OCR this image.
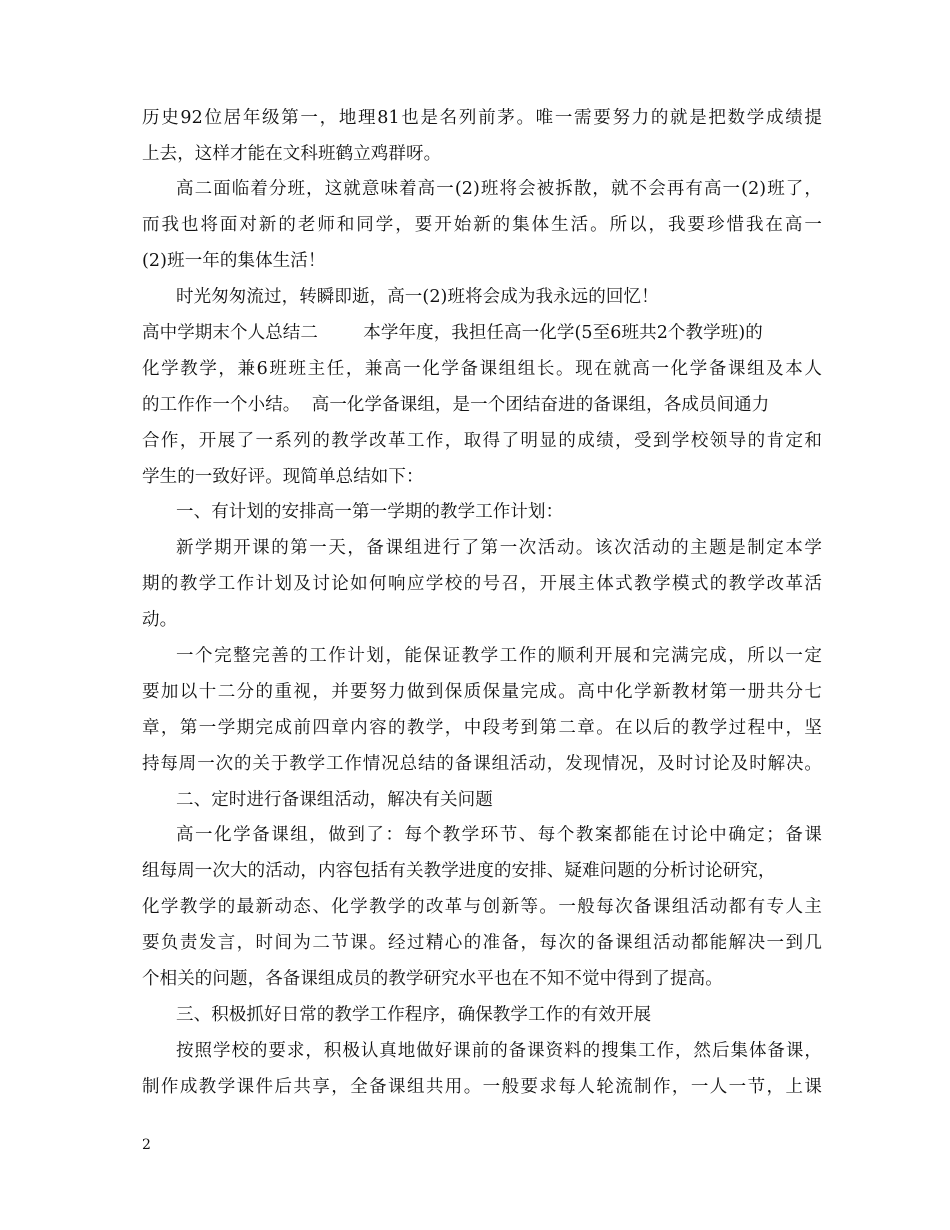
历史92位居年级第一，地理81也是名列前茅。唯一需要努力的就是把数学成绩提
上去，这样才能在文科班鹤立鸡群呀。
高二面临着分班，这就意味着高一(2)班将会被拆散，就不会再有高一(2)班了，
而我也将面对新的老师和同学，要开始新的集体生活。所以，我要珍惜我在高一
(2)班一年的集体生活！
时光匆匆流过，转瞬即逝，高一(2)班将会成为我永远的回忆！
高中学期末个人总结二        本学年度，我担任高一化学(5至6班共2个教学班)的
化学教学，兼6班班主任，兼高一化学备课组组长。现在就高一化学备课组及本人
的工作作一个小结。  高一化学备课组，是一个团结奋进的备课组，各成员间通力
合作，开展了一系列的教学改革工作，取得了明显的成绩，受到学校领导的肯定和
学生的一致好评。现简单总结如下：
一、有计划的安排高一第一学期的教学工作计划：
新学期开课的第一天，备课组进行了第一次活动。该次活动的主题是制定本学
期的教学工作计划及讨论如何响应学校的号召，开展主体式教学模式的教学改革活
动。
一个完整完善的工作计划，能保证教学工作的顺利开展和完满完成，所以一定
要加以十二分的重视，并要努力做到保质保量完成。高中化学新教材第一册共分七
章，第一学期完成前四章内容的教学，中段考到第二章。在以后的教学过程中，坚
持每周一次的关于教学工作情况总结的备课组活动，发现情况，及时讨论及时解决。
二、定时进行备课组活动，解决有关问题
高一化学备课组，做到了：每个教学环节、每个教案都能在讨论中确定；备课
组每周一次大的活动，内容包括有关教学进度的安排、疑难问题的分析讨论研究，
化学教学的最新动态、化学教学的改革与创新等。一般每次备课组活动都有专人主
要负责发言，时间为二节课。经过精心的准备，每次的备课组活动都能解决一到几
个相关的问题，各备课组成员的教学研究水平也在不知不觉中得到了提高。
三、积极抓好日常的教学工作程序，确保教学工作的有效开展
按照学校的要求，积极认真地做好课前的备课资料的搜集工作，然后集体备课，
制作成教学课件后共享，全备课组共用。一般要求每人轮流制作，一人一节，上课
2
